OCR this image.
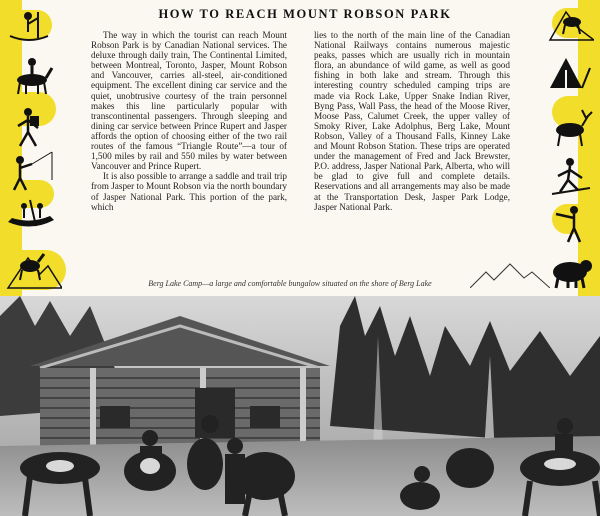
HOW TO REACH MOUNT ROBSON PARK

The way in which the tourist can reach Mount Robson Park is by Canadian National services. The deluxe through daily train, The Continental Limited, between Montreal, Toronto, Jasper, Mount Robson and Vancouver, carries all-steel, air-conditioned equipment. The excellent dining car service and the quiet, unobtrusive courtesy of the train personnel makes this line particularly popular with transcontinental passengers. Through sleeping and dining car service between Prince Rupert and Jasper affords the option of choosing either of the two rail routes of the famous “Triangle Route”—a tour of 1,500 miles by rail and 550 miles by water between Vancouver and Prince Rupert.

It is also possible to arrange a saddle and trail trip from Jasper to Mount Robson via the north boundary of Jasper National Park. This portion of the park, which

lies to the north of the main line of the Canadian National Railways contains numerous majestic peaks, passes which are usually rich in mountain flora, an abundance of wild game, as well as good fishing in both lake and stream. Through this interesting country scheduled camping trips are made via Rock Lake, Upper Snake Indian River, Byng Pass, Wall Pass, the head of the Moose River, Moose Pass, Calumet Creek, the upper valley of Smoky River, Lake Adolphus, Berg Lake, Mount Robson, Valley of a Thousand Falls, Kinney Lake and Mount Robson Station. These trips are operated under the management of Fred and Jack Brewster, P.O. address, Jasper National Park, Alberta, who will be glad to give full and complete details. Reservations and all arrangements may also be made at the Transportation Desk, Jasper Park Lodge, Jasper National Park.

Berg Lake Camp—a large and comfortable bungalow situated on the shore of Berg Lake
